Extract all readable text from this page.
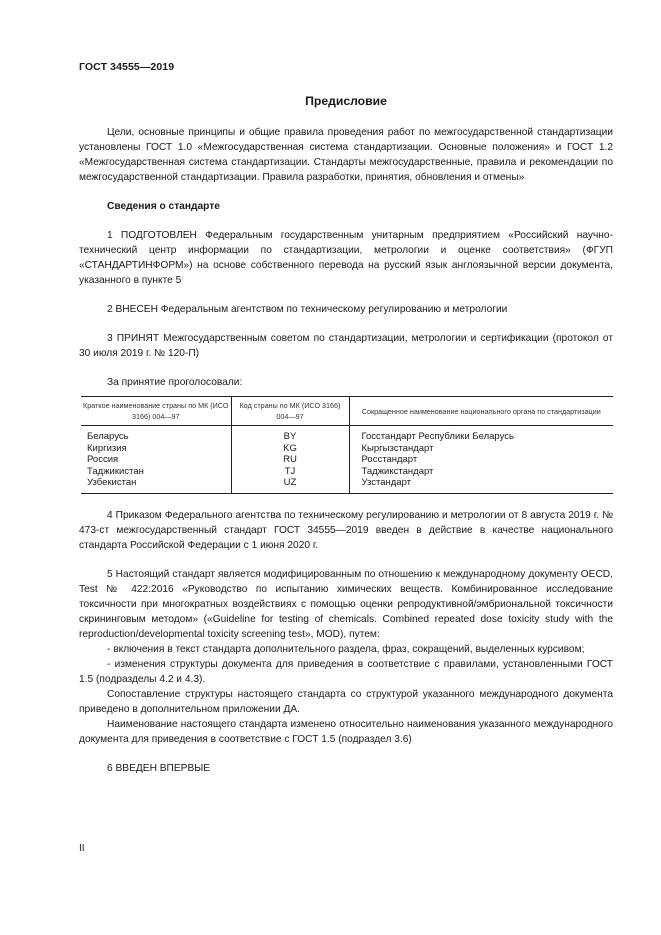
ГОСТ 34555—2019
Предисловие

Цели, основные принципы и общие правила проведения работ по межгосударственной стандартизации установлены ГОСТ 1.0 «Межгосударственная система стандартизации. Основные положения» и ГОСТ 1.2 «Межгосударственная система стандартизации. Стандарты межгосударственные, правила и рекомендации по межгосударственной стандартизации. Правила разработки, принятия, обновления и отмены»

Сведения о стандарте

1 ПОДГОТОВЛЕН Федеральным государственным унитарным предприятием «Российский научно-технический центр информации по стандартизации, метрологии и оценке соответствия» (ФГУП «СТАНДАРТИНФОРМ») на основе собственного перевода на русский язык англоязычной версии документа, указанного в пункте 5

2 ВНЕСЕН Федеральным агентством по техническому регулированию и метрологии

3 ПРИНЯТ Межгосударственным советом по стандартизации, метрологии и сертификации (протокол от 30 июля 2019 г. № 120-П)

За принятие проголосовали:

Краткое наименование страны по МК (ИСО 3166) 004—97	Код страны по МК (ИСО 3166) 004—97	Сокращенное наименование национального органа по стандартизации
Беларусь	BY	Госстандарт Республики Беларусь
Киргизия	KG	Кыргызстандарт
Россия	RU	Росстандарт
Таджикистан	TJ	Таджикстандарт
Узбекистан	UZ	Узстандарт

4 Приказом Федерального агентства по техническому регулированию и метрологии от 8 августа 2019 г. № 473-ст межгосударственный стандарт ГОСТ 34555—2019 введен в действие в качестве национального стандарта Российской Федерации с 1 июня 2020 г.

5 Настоящий стандарт является модифицированным по отношению к международному документу OECD, Test № 422:2016 «Руководство по испытанию химических веществ. Комбинированное исследование токсичности при многократных воздействиях с помощью оценки репродуктивной/эмбриональной токсичности скрининговым методом» («Guideline for testing of chemicals. Combined repeated dose toxicity study with the reproduction/developmental toxicity screening test», MOD), путем:

- включения в текст стандарта дополнительного раздела, фраз, сокращений, выделенных курсивом;

- изменения структуры документа для приведения в соответствие с правилами, установленными ГОСТ 1.5 (подразделы 4.2 и 4.3).

Сопоставление структуры настоящего стандарта со структурой указанного международного документа приведено в дополнительном приложении ДА.

Наименование настоящего стандарта изменено относительно наименования указанного международного документа для приведения в соответствие с ГОСТ 1.5 (подраздел 3.6)

6 ВВЕДЕН ВПЕРВЫЕ

II
